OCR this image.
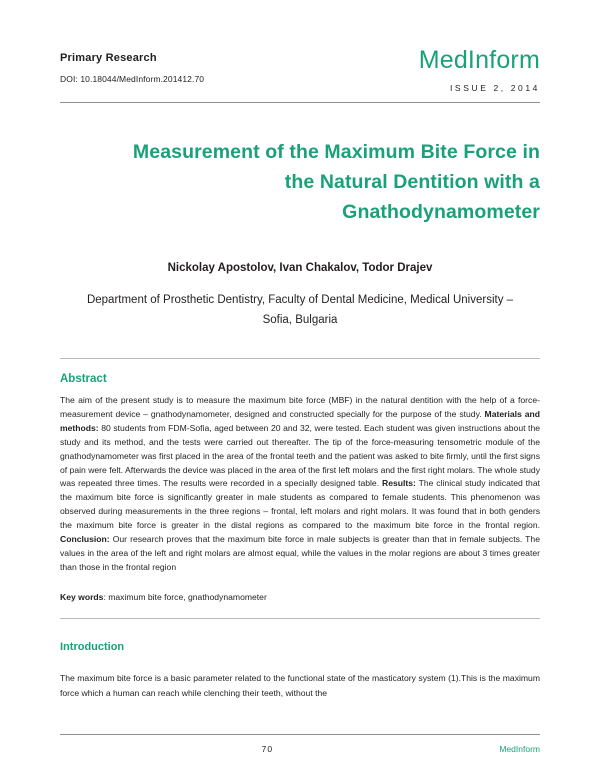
Primary Research
DOI: 10.18044/MedInform.201412.70
MedInform
ISSUE 2, 2014
Measurement of the Maximum Bite Force in
the Natural Dentition with a
Gnathodynamometer
Nickolay Apostolov, Ivan Chakalov, Todor Drajev
Department of Prosthetic Dentistry, Faculty of Dental Medicine, Medical University – Sofia, Bulgaria
Abstract
The aim of the present study is to measure the maximum bite force (MBF) in the natural dentition with the help of a force-measurement device – gnathodynamometer, designed and constructed specially for the purpose of the study. Materials and methods: 80 students from FDM-Sofia, aged between 20 and 32, were tested. Each student was given instructions about the study and its method, and the tests were carried out thereafter. The tip of the force-measuring tensometric module of the gnathodynamometer was first placed in the area of the frontal teeth and the patient was asked to bite firmly, until the first signs of pain were felt. Afterwards the device was placed in the area of the first left molars and the first right molars. The whole study was repeated three times. The results were recorded in a specially designed table. Results: The clinical study indicated that the maximum bite force is significantly greater in male students as compared to female students. This phenomenon was observed during measurements in the three regions – frontal, left molars and right molars. It was found that in both genders the maximum bite force is greater in the distal regions as compared to the maximum bite force in the frontal region. Conclusion: Our research proves that the maximum bite force in male subjects is greater than that in female subjects. The values in the area of the left and right molars are almost equal, while the values in the molar regions are about 3 times greater than those in the frontal region
Key words: maximum bite force, gnathodynamometer
Introduction
The maximum bite force is a basic parameter related to the functional state of the masticatory system (1).This is the maximum force which a human can reach while clenching their teeth, without the
70	MedInform
